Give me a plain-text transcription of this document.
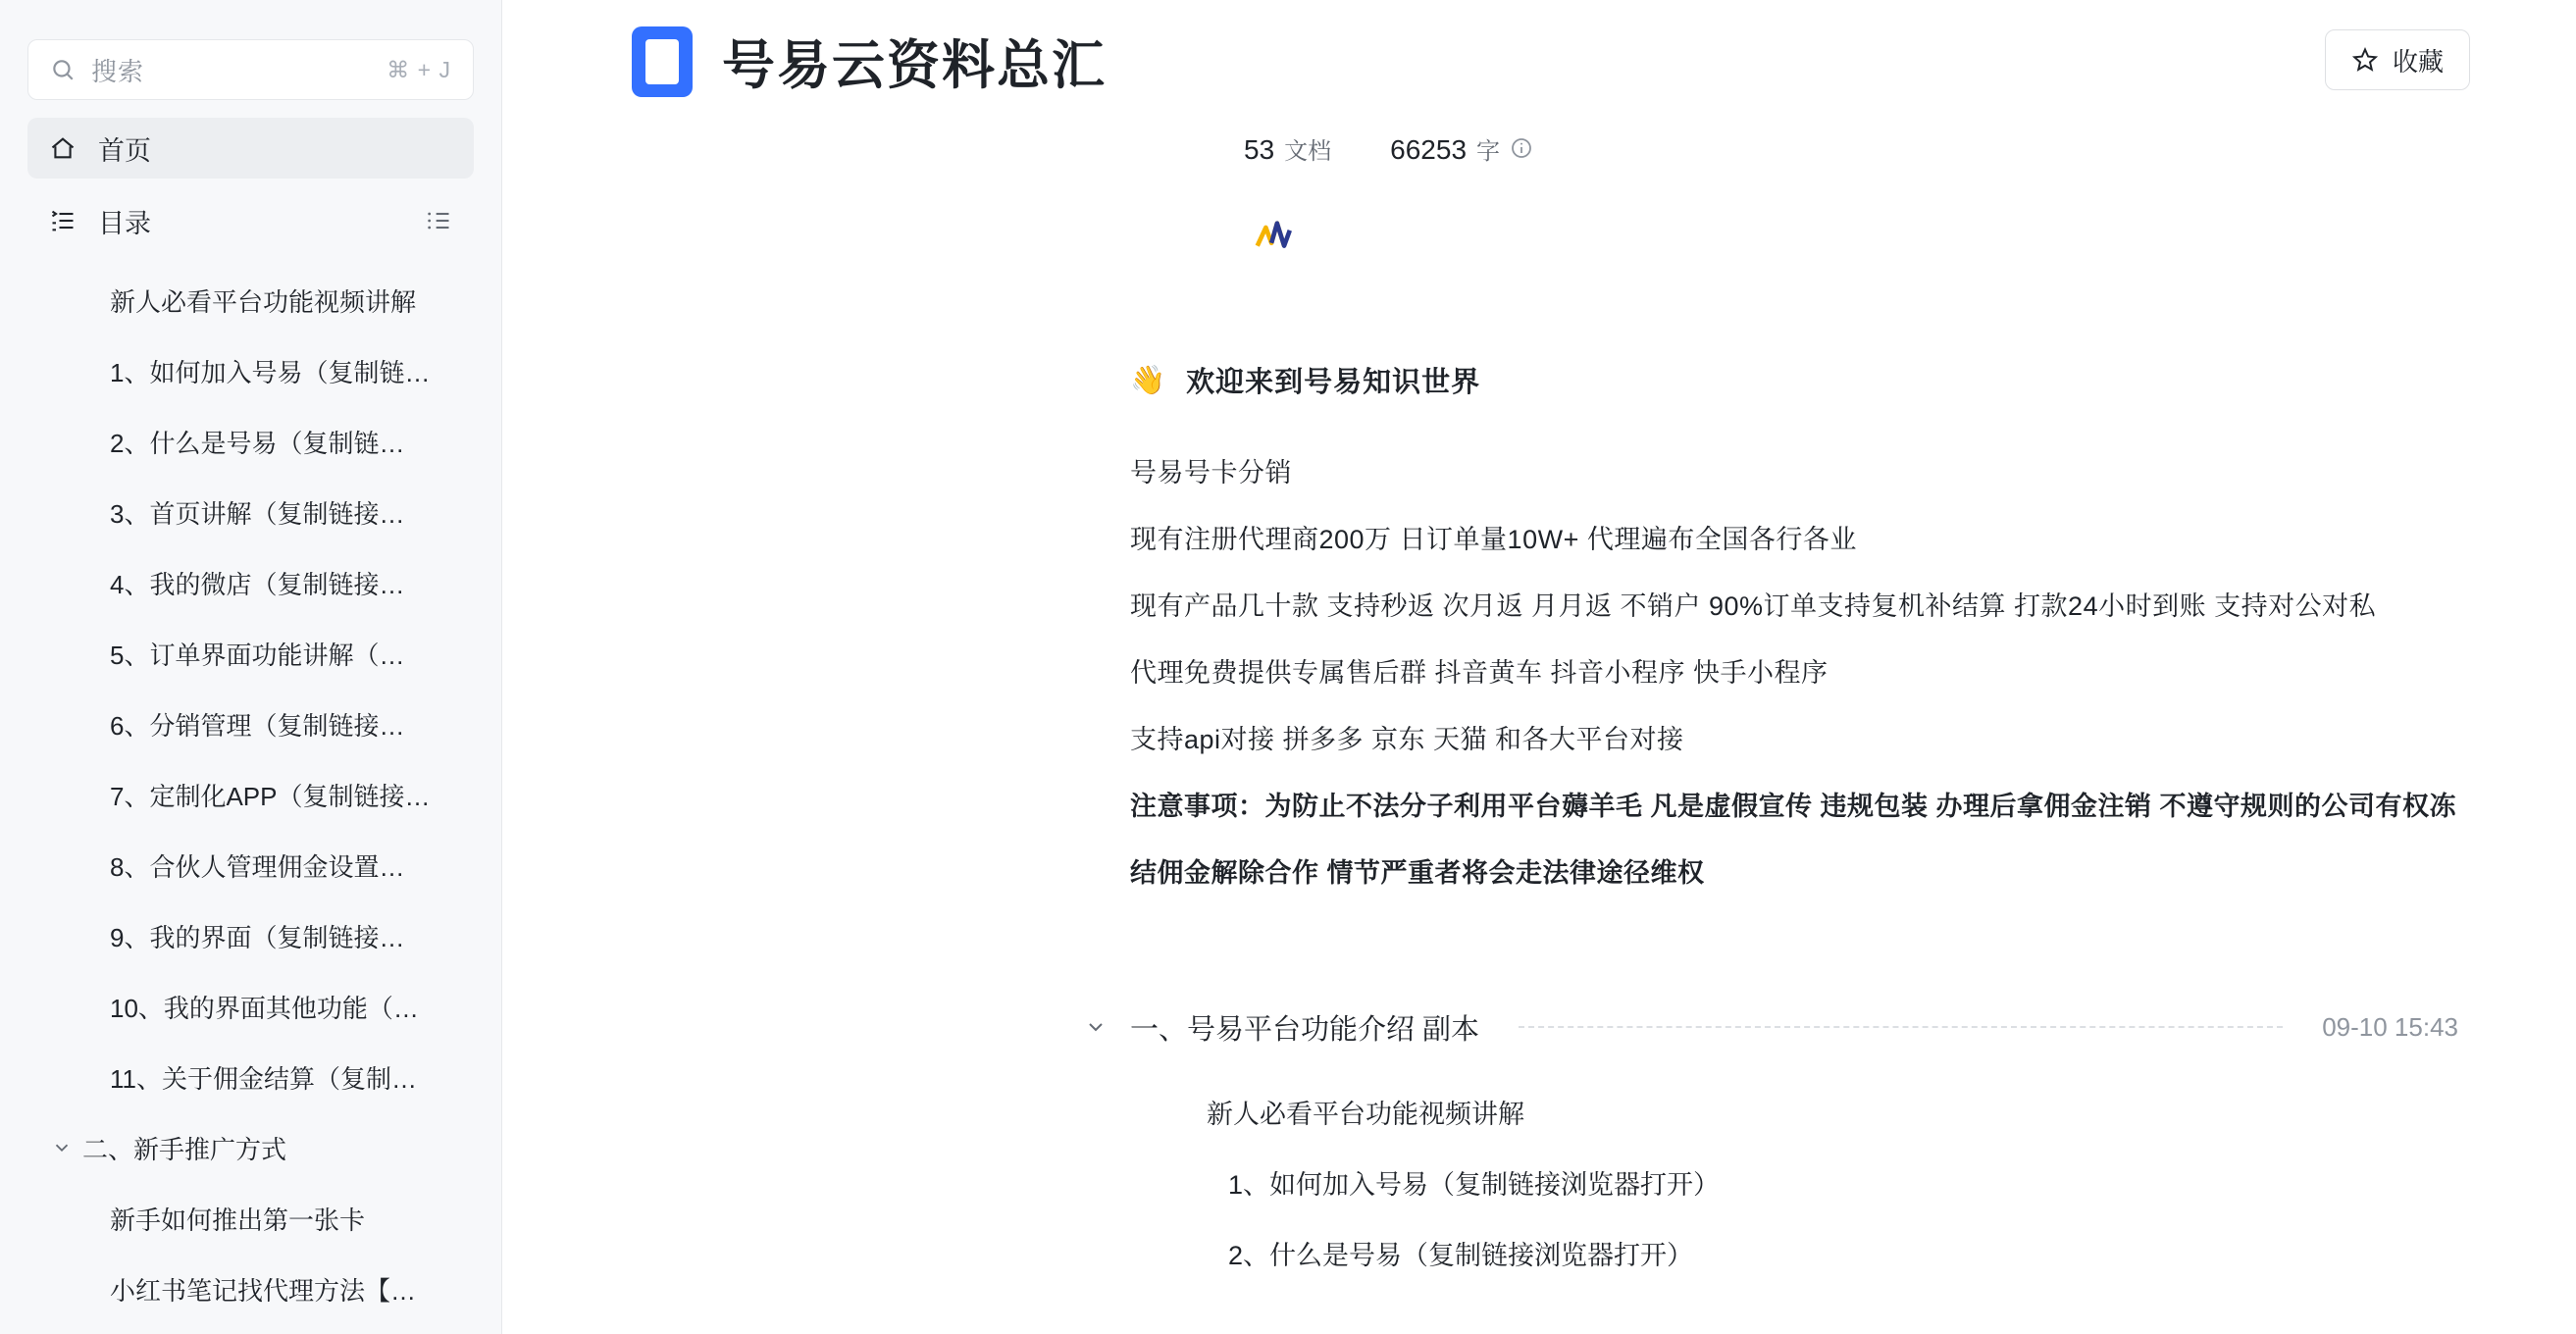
搜索	⌘ + J
首页
目录
新人必看平台功能视频讲解
1、如何加入号易（复制链…
2、什么是号易（复制链…
3、首页讲解（复制链接…
4、我的微店（复制链接…
5、订单界面功能讲解（…
6、分销管理（复制链接…
7、定制化APP（复制链接…
8、合伙人管理佣金设置…
9、我的界面（复制链接…
10、我的界面其他功能（…
11、关于佣金结算（复制…
二、新手推广方式
新手如何推出第一张卡
小红书笔记找代理方法【…
号易云资料总汇	收藏
53 文档 66253 字
👋 欢迎来到号易知识世界
号易号卡分销
现有注册代理商200万 日订单量10W+ 代理遍布全国各行各业
现有产品几十款 支持秒返 次月返 月月返 不销户 90%订单支持复机补结算 打款24小时到账 支持对公对私
代理免费提供专属售后群 抖音黄车 抖音小程序 快手小程序
支持api对接 拼多多 京东 天猫 和各大平台对接
注意事项：为防止不法分子利用平台薅羊毛 凡是虚假宣传 违规包装 办理后拿佣金注销 不遵守规则的公司有权冻结佣金解除合作 情节严重者将会走法律途径维权
一、号易平台功能介绍 副本	09-10 15:43
新人必看平台功能视频讲解
1、如何加入号易（复制链接浏览器打开）
2、什么是号易（复制链接浏览器打开）
